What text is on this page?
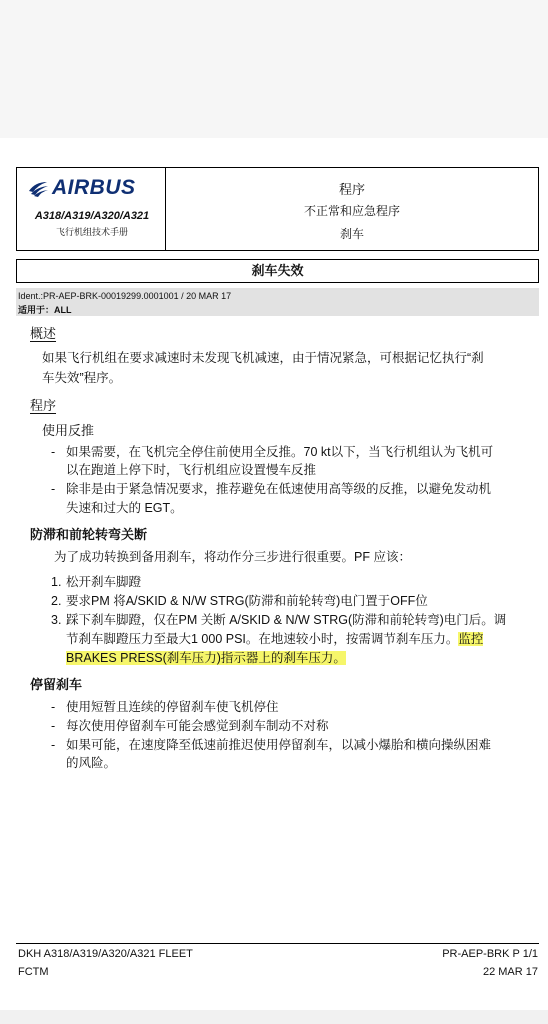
AIRBUS
A318/A319/A320/A321
飞行机组技术手册
程序
不正常和应急程序
刹车
刹车失效
Ident.:PR-AEP-BRK-00019299.0001001 / 20 MAR 17
适用于：ALL
概述
如果飞行机组在要求减速时未发现飞机减速，由于情况紧急，可根据记忆执行“刹
车失效”程序。
程序
使用反推
- 如果需要，在飞机完全停住前使用全反推。70 kt以下，当飞行机组认为飞机可
以在跑道上停下时，飞行机组应设置慢车反推
- 除非是由于紧急情况要求，推荐避免在低速使用高等级的反推，以避免发动机
失速和过大的 EGT。
防滞和前轮转弯关断
为了成功转换到备用刹车，将动作分三步进行很重要。PF 应该：
1. 松开刹车脚蹬
2. 要求PM 将A/SKID & N/W STRG(防滞和前轮转弯)电门置于OFF位
3. 踩下刹车脚蹬，仅在PM 关断 A/SKID & N/W STRG(防滞和前轮转弯)电门后。调
节刹车脚蹬压力至最大1 000 PSI。在地速较小时，按需调节刹车压力。监控
BRAKES PRESS(刹车压力)指示器上的刹车压力。
停留刹车
- 使用短暂且连续的停留刹车使飞机停住
- 每次使用停留刹车可能会感觉到刹车制动不对称
- 如果可能，在速度降至低速前推迟使用停留刹车，以减小爆胎和横向操纵困难
的风险。
DKH A318/A319/A320/A321 FLEET
FCTM
PR-AEP-BRK P 1/1
22 MAR 17
